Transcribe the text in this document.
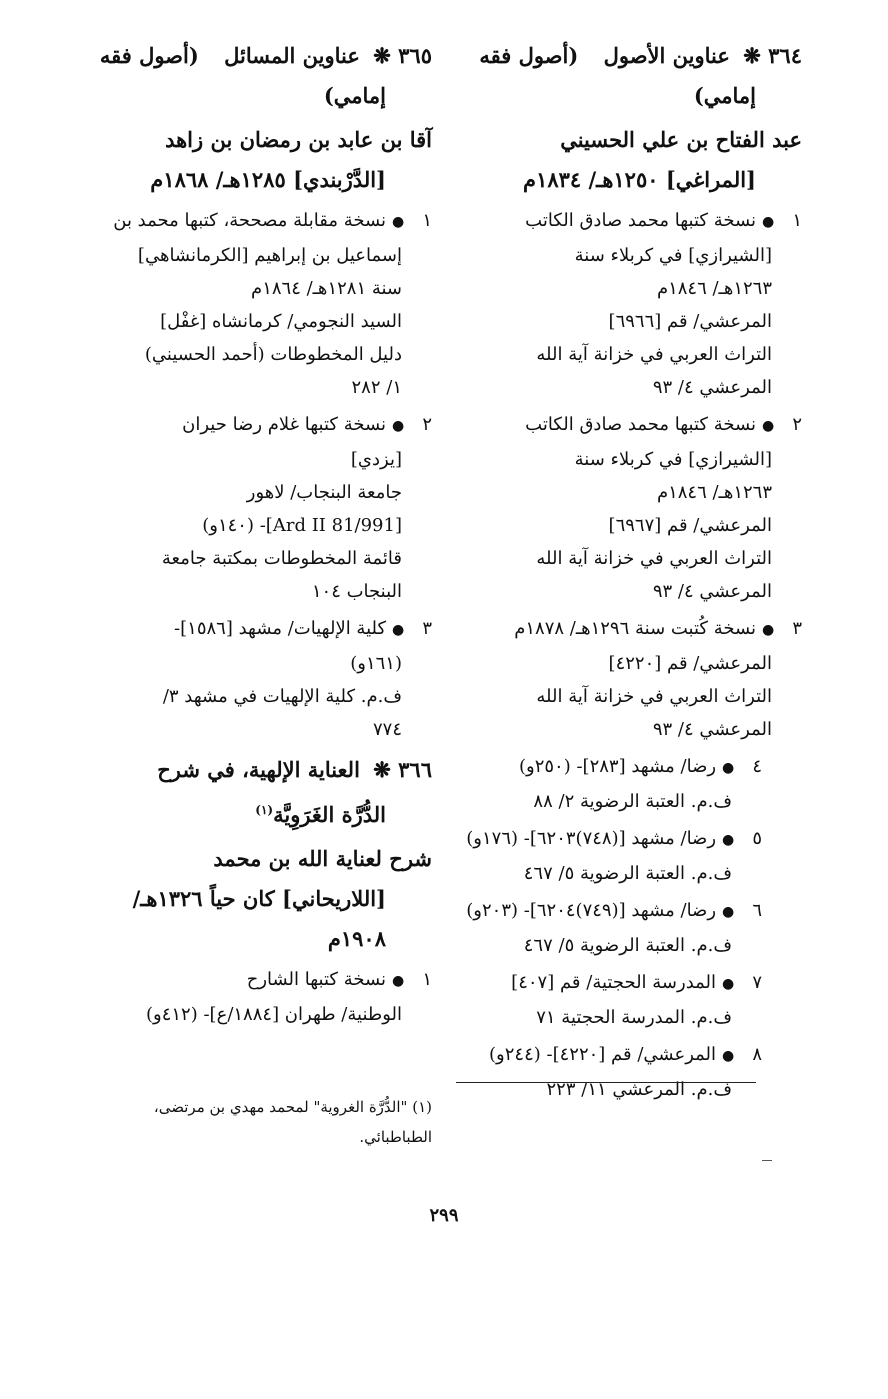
٣٦٤ ❋ عناوين الأصول (أصول فقه
إمامي)
عبد الفتاح بن علي الحسيني
[المراغي] ١٢٥٠هـ/ ١٨٣٤م
١ ●نسخة كتبها محمد صادق الكاتب
[الشيرازي] في كربلاء سنة
١٢٦٣هـ/ ١٨٤٦م
المرعشي/ قم [٦٩٦٦]
التراث العربي في خزانة آية الله
المرعشي ٤/ ٩٣
٢ ●نسخة كتبها محمد صادق الكاتب
[الشيرازي] في كربلاء سنة
١٢٦٣هـ/ ١٨٤٦م
المرعشي/ قم [٦٩٦٧]
التراث العربي في خزانة آية الله
المرعشي ٤/ ٩٣
٣ ●نسخة كُتبت سنة ١٢٩٦هـ/ ١٨٧٨م
المرعشي/ قم [٤٢٢٠]
التراث العربي في خزانة آية الله
المرعشي ٤/ ٩٣
٤ ●رضا/ مشهد [٢٨٣]- (٢٥٠و)
ف.م. العتبة الرضوية ٢/ ٨٨
٥ ●رضا/ مشهد [(٧٤٨)٦٢٠٣]- (١٧٦و)
ف.م. العتبة الرضوية ٥/ ٤٦٧
٦ ●رضا/ مشهد [(٧٤٩)٦٢٠٤]- (٢٠٣و)
ف.م. العتبة الرضوية ٥/ ٤٦٧
٧ ●المدرسة الحجتية/ قم [٤٠٧]
ف.م. المدرسة الحجتية ٧١
٨ ●المرعشي/ قم [٤٢٢٠]- (٢٤٤و)
ف.م. المرعشي ١١/ ٢٢٣
٣٦٥ ❋ عناوين المسائل (أصول فقه
إمامي)
آقا بن عابد بن رمضان بن زاهد
[الدَّرْبندي] ١٢٨٥هـ/ ١٨٦٨م
١ ●نسخة مقابلة مصححة، كتبها محمد بن
إسماعيل بن إبراهيم [الكرمانشاهي]
سنة ١٢٨١هـ/ ١٨٦٤م
السيد النجومي/ كرمانشاه [غفْل]
دليل المخطوطات (أحمد الحسيني)
١/ ٢٨٢
٢ ●نسخة كتبها غلام رضا حيران
[يزدي]
جامعة البنجاب/ لاهور
[Ard II 81/991]- (١٤٠و)
قائمة المخطوطات بمكتبة جامعة
البنجاب ١٠٤
٣ ●كلية الإلهيات/ مشهد [١٥٨٦]-
(١٦١و)
ف.م. كلية الإلهيات في مشهد ٣/
٧٧٤
٣٦٦ ❋ العناية الإلهية، في شرح
الدُّرَّة الغَرَوِيَّة$^{(١)}$
شرح لعناية الله بن محمد
[اللاريحاني] كان حياً ١٣٢٦هـ/
١٩٠٨م
١ ●نسخة كتبها الشارح
الوطنية/ طهران [١٨٨٤/ع]- (٤١٢و)
(١) "الدُّرَّة الغروية" لمحمد مهدي بن مرتضى،
الطباطبائي.
٢٩٩
